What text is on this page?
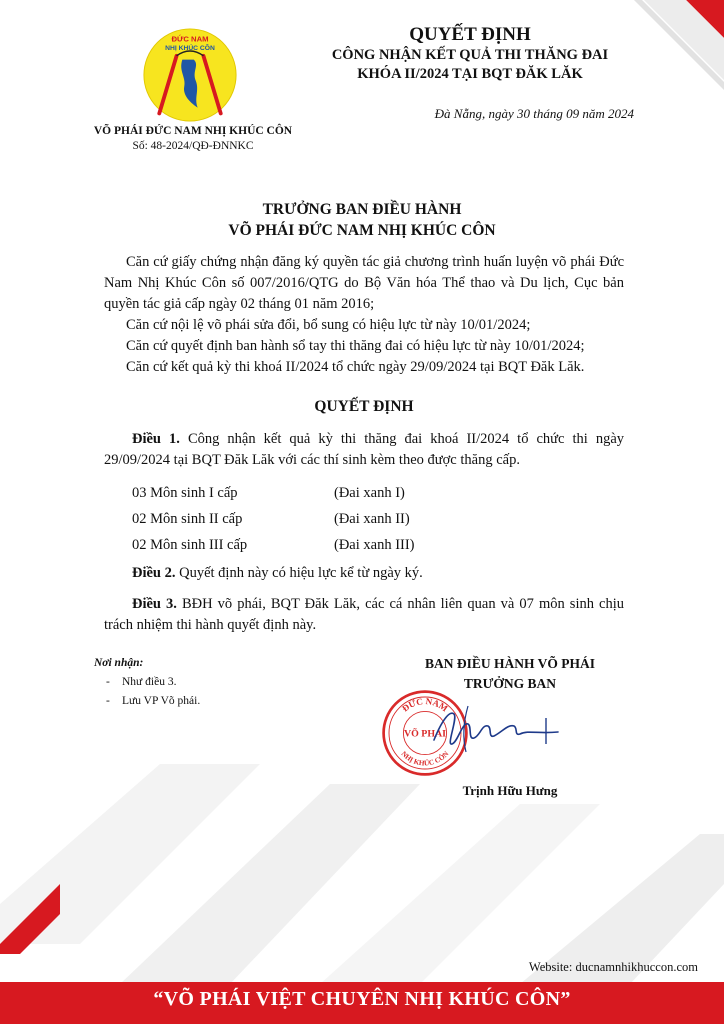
ĐỨC NAM
NHỊ KHÚC CÔN
VÕ PHÁI ĐỨC NAM NHỊ KHÚC CÔN
Số: 48-2024/QĐ-ĐNNKC
QUYẾT ĐỊNH
CÔNG NHẬN KẾT QUẢ THI THĂNG ĐAI
KHÓA II/2024 TẠI BQT ĐĂK LĂK
Đà Nẵng, ngày 30 tháng 09 năm 2024
TRƯỞNG BAN ĐIỀU HÀNH
VÕ PHÁI ĐỨC NAM NHỊ KHÚC CÔN

Căn cứ giấy chứng nhận đăng ký quyền tác giả chương trình huấn luyện võ phái Đức Nam Nhị Khúc Côn số 007/2016/QTG do Bộ Văn hóa Thể thao và Du lịch, Cục bản quyền tác giả cấp ngày 02 tháng 01 năm 2016;

Căn cứ nội lệ võ phái sửa đổi, bổ sung có hiệu lực từ này 10/01/2024;

Căn cứ quyết định ban hành sổ tay thi thăng đai có hiệu lực từ này 10/01/2024;

Căn cứ kết quả kỳ thi khoá II/2024 tổ chức ngày 29/09/2024 tại BQT Đăk Lăk.

QUYẾT ĐỊNH

Điều 1. Công nhận kết quả kỳ thi thăng đai khoá II/2024 tổ chức thi ngày 29/09/2024 tại BQT Đăk Lăk với các thí sinh kèm theo được thăng cấp.

03 Môn sinh I cấp	(Đai xanh I)
02 Môn sinh II cấp	(Đai xanh II)
02 Môn sinh III cấp	(Đai xanh III)

Điều 2. Quyết định này có hiệu lực kể từ ngày ký.

Điều 3. BĐH võ phái, BQT Đăk Lăk, các cá nhân liên quan và 07 môn sinh chịu trách nhiệm thi hành quyết định này.

Nơi nhận:
- Như điều 3.
- Lưu VP Võ phái.
BAN ĐIỀU HÀNH VÕ PHÁI
TRƯỞNG BAN
ĐỨC NAM
VÕ PHÁI
NHỊ KHÚC CÔN
Trịnh Hữu Hưng
Website: ducnamnhikhuccon.com
“VÕ PHÁI VIỆT CHUYÊN NHỊ KHÚC CÔN”
